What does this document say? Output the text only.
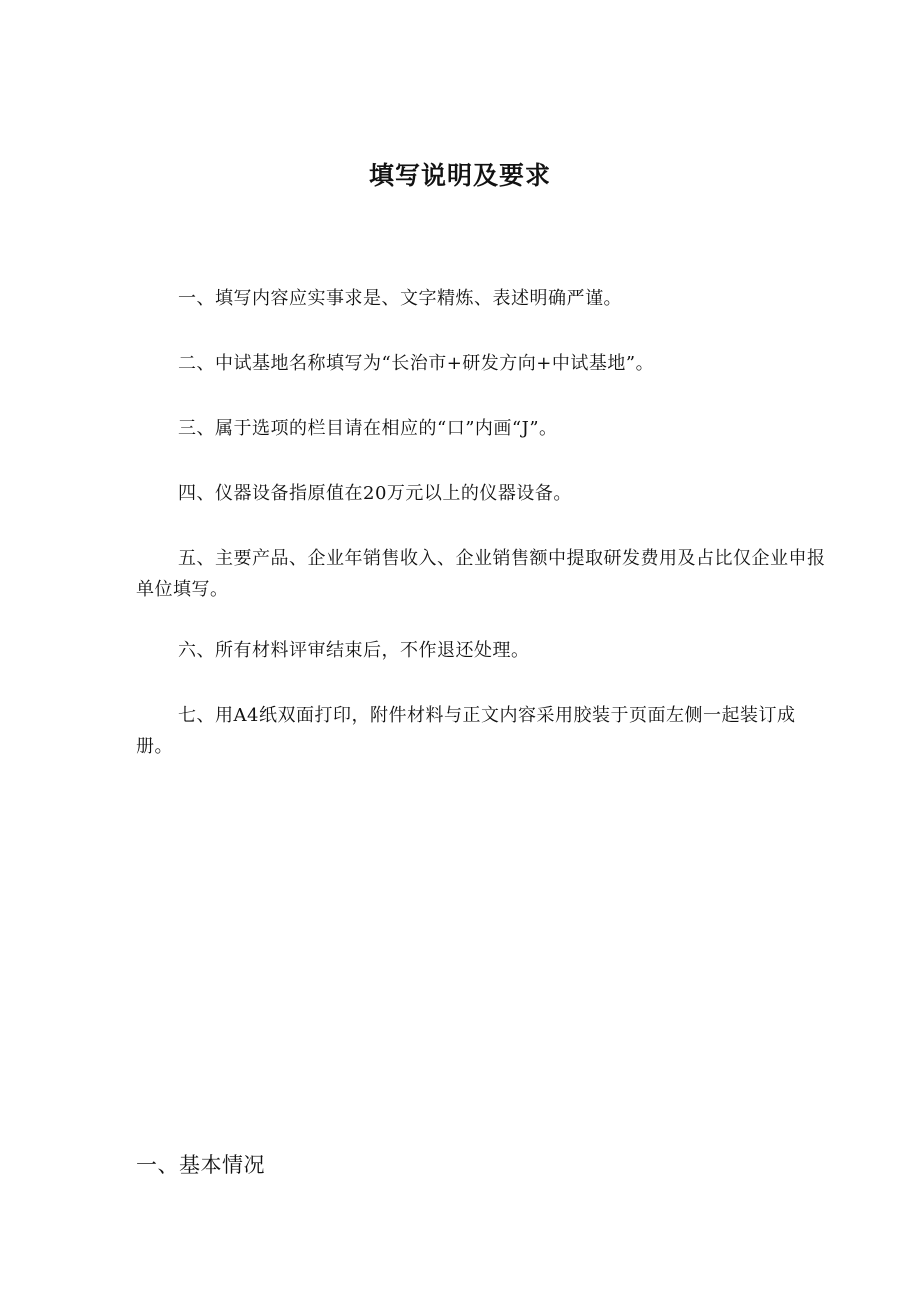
填写说明及要求
一、填写内容应实事求是、文字精炼、表述明确严谨。
二、中试基地名称填写为“长治市+研发方向+中试基地”。
三、属于选项的栏目请在相应的“口”内画“J”。
四、仪器设备指原值在20万元以上的仪器设备。
五、主要产品、企业年销售收入、企业销售额中提取研发费用及占比仅企业申报单位填写。
六、所有材料评审结束后，不作退还处理。
七、用A4纸双面打印，附件材料与正文内容采用胶装于页面左侧一起装订成册。
一、基本情况
